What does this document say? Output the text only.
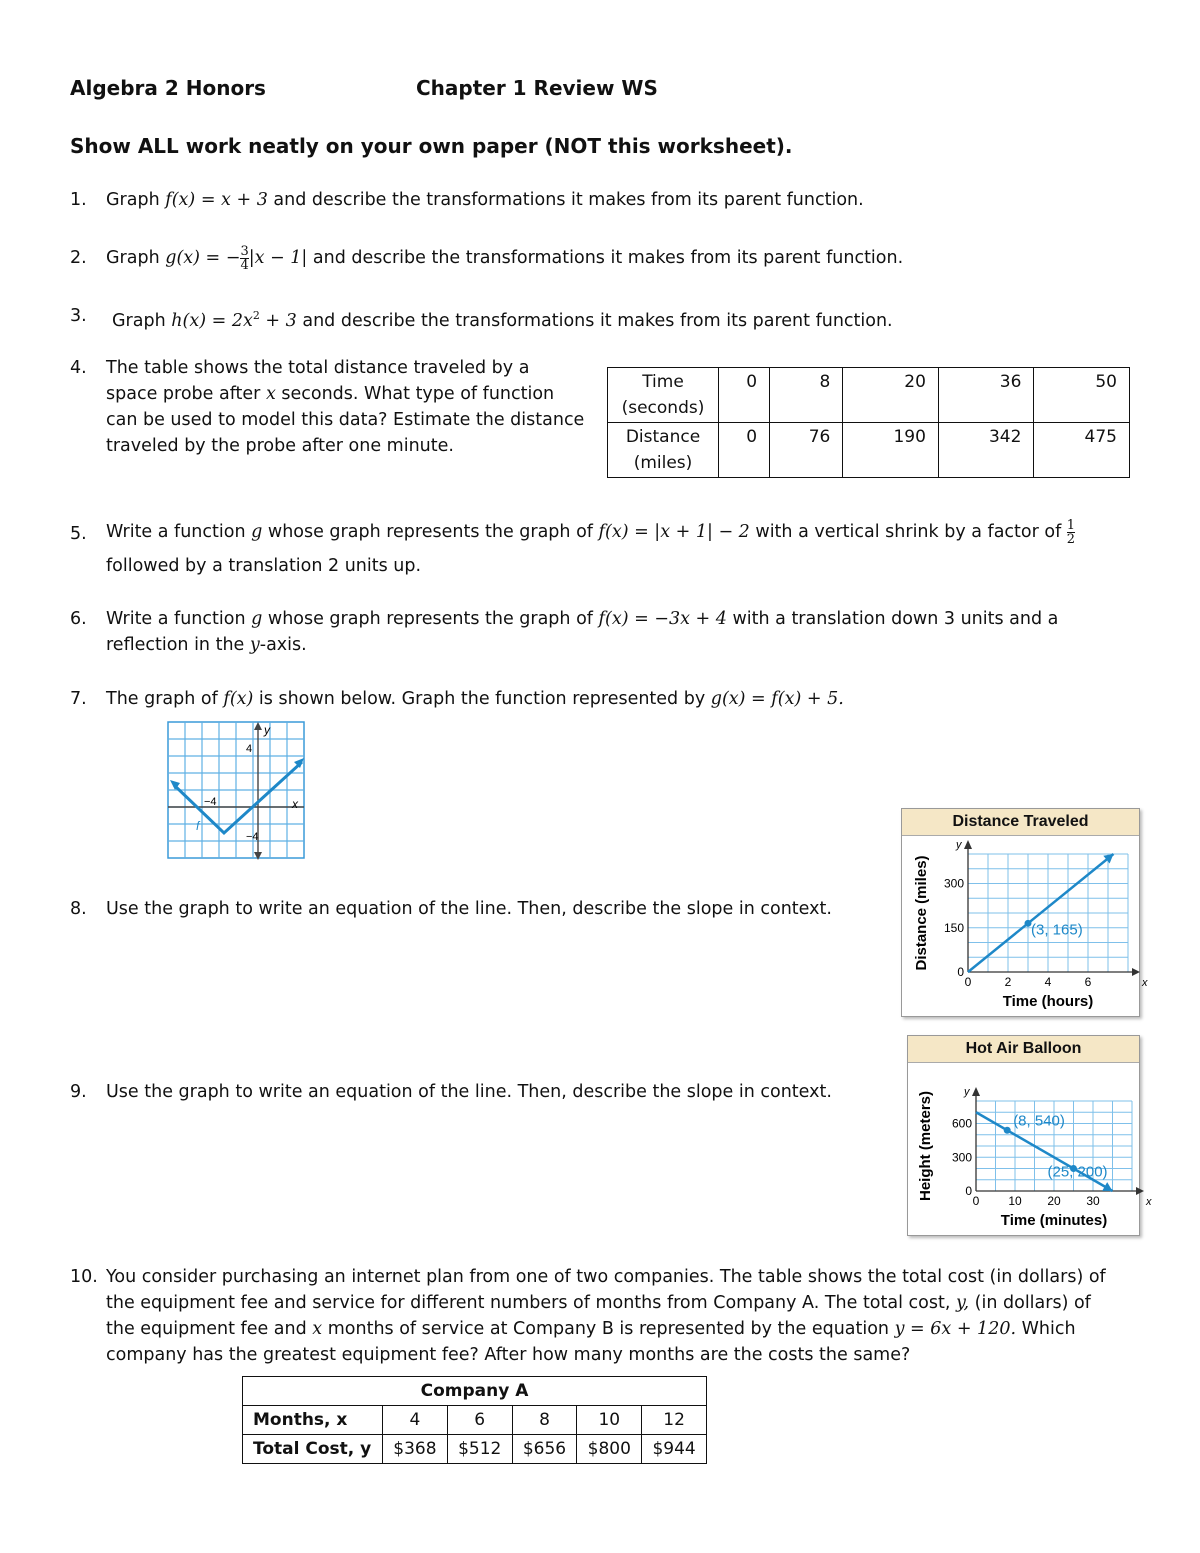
Algebra 2 Honors	Chapter 1 Review WS
Show ALL work neatly on your own paper (NOT this worksheet).
1. Graph f(x) = x + 3 and describe the transformations it makes from its parent function.
2. Graph g(x) = − $\frac{3}{4} |x - 1|$ and describe the transformations it makes from its parent function.
3. Graph $h(x) = 2x^2 + 3$ and describe the transformations it makes from its parent function.
4. The table shows the total distance traveled by a space probe after x seconds. What type of function can be used to model this data? Estimate the distance traveled by the probe after one minute.
Time
(seconds)	0	8	20	36	50
Distance
(miles)	0	76	190	342	475
5. Write a function g whose graph represents the graph of f(x) = |x + 1| − 2 with a vertical shrink by a factor of $\frac{1}{2}$
followed by a translation 2 units up.
6. Write a function g whose graph represents the graph of f(x) = −3x + 4 with a translation down 3 units and a
reflection in the y-axis.
7. The graph of f(x) is shown below. Graph the function represented by g(x) = f(x) + 5.
y
x
4
−4
−4
f
8. Use the graph to write an equation of the line. Then, describe the slope in context.
Distance Traveled
y
x
0	2	4	6
0
150
300
Time (hours)
Distance (miles)	(3, 165)
9. Use the graph to write an equation of the line. Then, describe the slope in context.
Hot Air Balloon
y
x
0 10 20 30
0
300
600
Time (minutes)
Height (meters)	(8, 540)
(25, 200)
10. You consider purchasing an internet plan from one of two companies. The table shows the total cost (in dollars) of
the equipment fee and service for different numbers of months from Company A. The total cost, y, (in dollars) of
the equipment fee and x months of service at Company B is represented by the equation y = 6x + 120. Which
company has the greatest equipment fee? After how many months are the costs the same?
Company A					
Months, x	4	6	8	10	12
Total Cost, y	$368	$512	$656	$800	$944
